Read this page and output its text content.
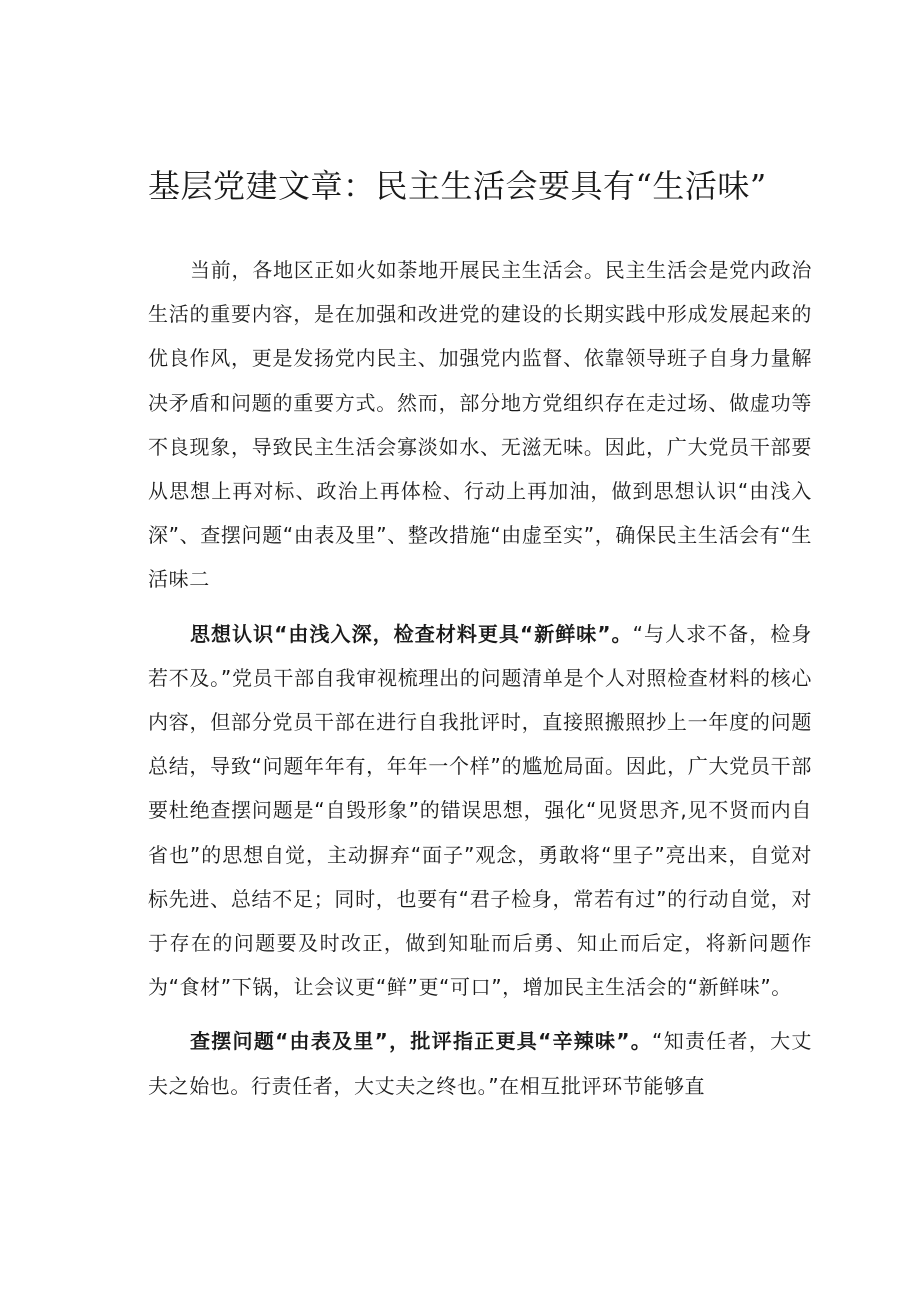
基层党建文章：民主生活会要具有“生活味”

当前，各地区正如火如荼地开展民主生活会。民主生活会是党内政治生活的重要内容，是在加强和改进党的建设的长期实践中形成发展起来的优良作风，更是发扬党内民主、加强党内监督、依靠领导班子自身力量解决矛盾和问题的重要方式。然而，部分地方党组织存在走过场、做虚功等不良现象，导致民主生活会寡淡如水、无滋无味。因此，广大党员干部要从思想上再对标、政治上再体检、行动上再加油，做到思想认识“由浅入深”、查摆问题“由表及里”、整改措施“由虚至实”，确保民主生活会有“生活味二

思想认识“由浅入深，检查材料更具“新鲜味”。“与人求不备，检身若不及。”党员干部自我审视梳理出的问题清单是个人对照检查材料的核心内容，但部分党员干部在进行自我批评时，直接照搬照抄上一年度的问题总结，导致“问题年年有，年年一个样”的尴尬局面。因此，广大党员干部要杜绝查摆问题是“自毁形象”的错误思想，强化“见贤思齐,见不贤而内自省也”的思想自觉，主动摒弃“面子”观念，勇敢将“里子”亮出来，自觉对标先进、总结不足；同时，也要有“君子检身，常若有过”的行动自觉，对于存在的问题要及时改正，做到知耻而后勇、知止而后定，将新问题作为“食材”下锅，让会议更“鲜”更“可口”，增加民主生活会的“新鲜味”。

查摆问题“由表及里”，批评指正更具“辛辣味”。“知责任者，大丈夫之始也。行责任者，大丈夫之终也。”在相互批评环节能够直
